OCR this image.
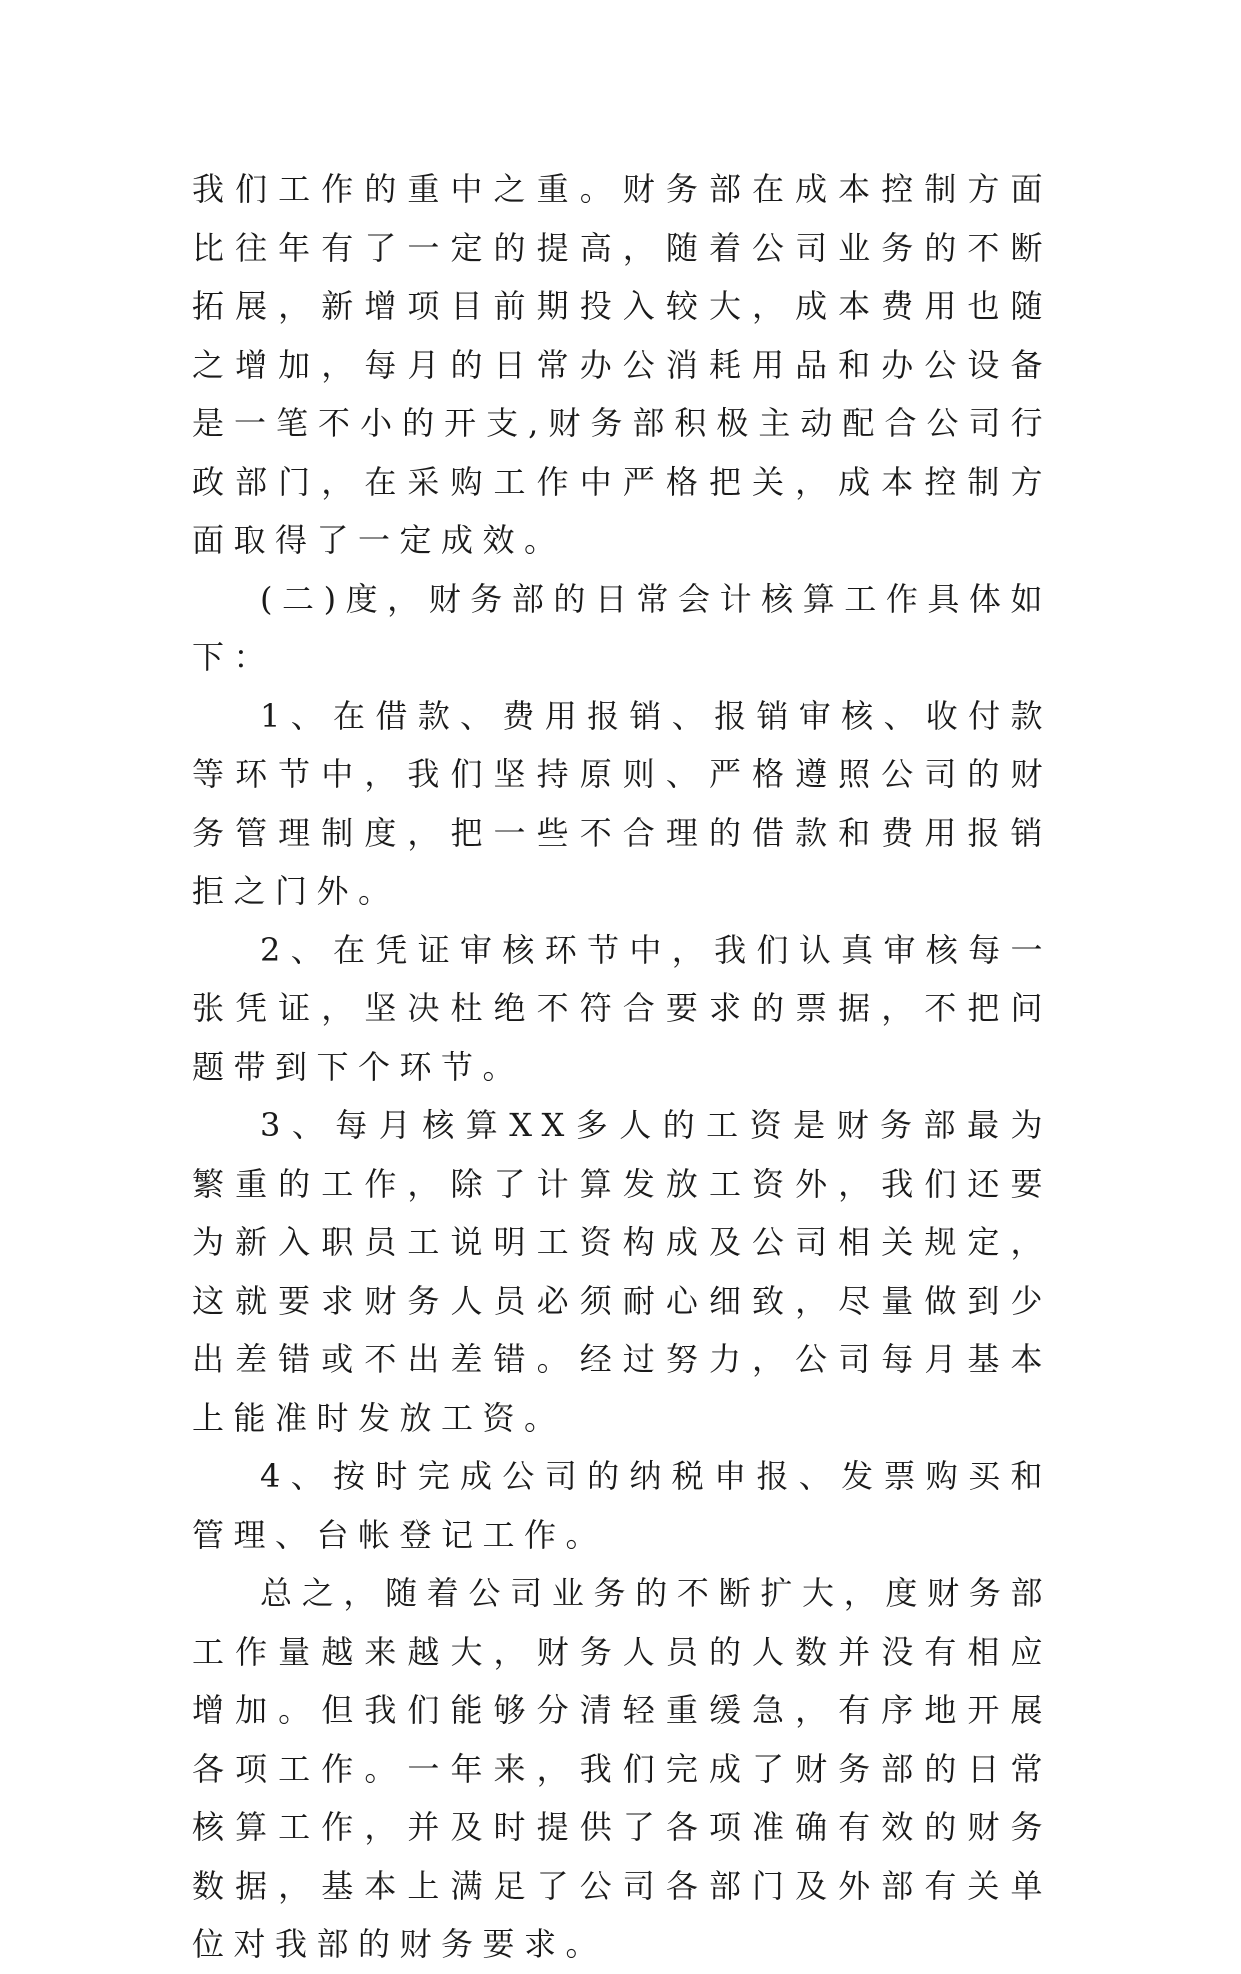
我们工作的重中之重。财务部在成本控制方面比往年有了一定的提高，随着公司业务的不断拓展，新增项目前期投入较大，成本费用也随之增加，每月的日常办公消耗用品和办公设备是一笔不小的开支,财务部积极主动配合公司行政部门，在采购工作中严格把关，成本控制方面取得了一定成效。

(二)度，财务部的日常会计核算工作具体如下：

1、在借款、费用报销、报销审核、收付款等环节中，我们坚持原则、严格遵照公司的财务管理制度，把一些不合理的借款和费用报销拒之门外。

2、在凭证审核环节中，我们认真审核每一张凭证，坚决杜绝不符合要求的票据，不把问题带到下个环节。

3、每月核算XX多人的工资是财务部最为繁重的工作，除了计算发放工资外，我们还要为新入职员工说明工资构成及公司相关规定，这就要求财务人员必须耐心细致，尽量做到少出差错或不出差错。经过努力，公司每月基本上能准时发放工资。

4、按时完成公司的纳税申报、发票购买和管理、台帐登记工作。

总之，随着公司业务的不断扩大，度财务部工作量越来越大，财务人员的人数并没有相应增加。但我们能够分清轻重缓急，有序地开展各项工作。一年来，我们完成了财务部的日常核算工作，并及时提供了各项准确有效的财务数据，基本上满足了公司各部门及外部有关单位对我部的财务要求。
